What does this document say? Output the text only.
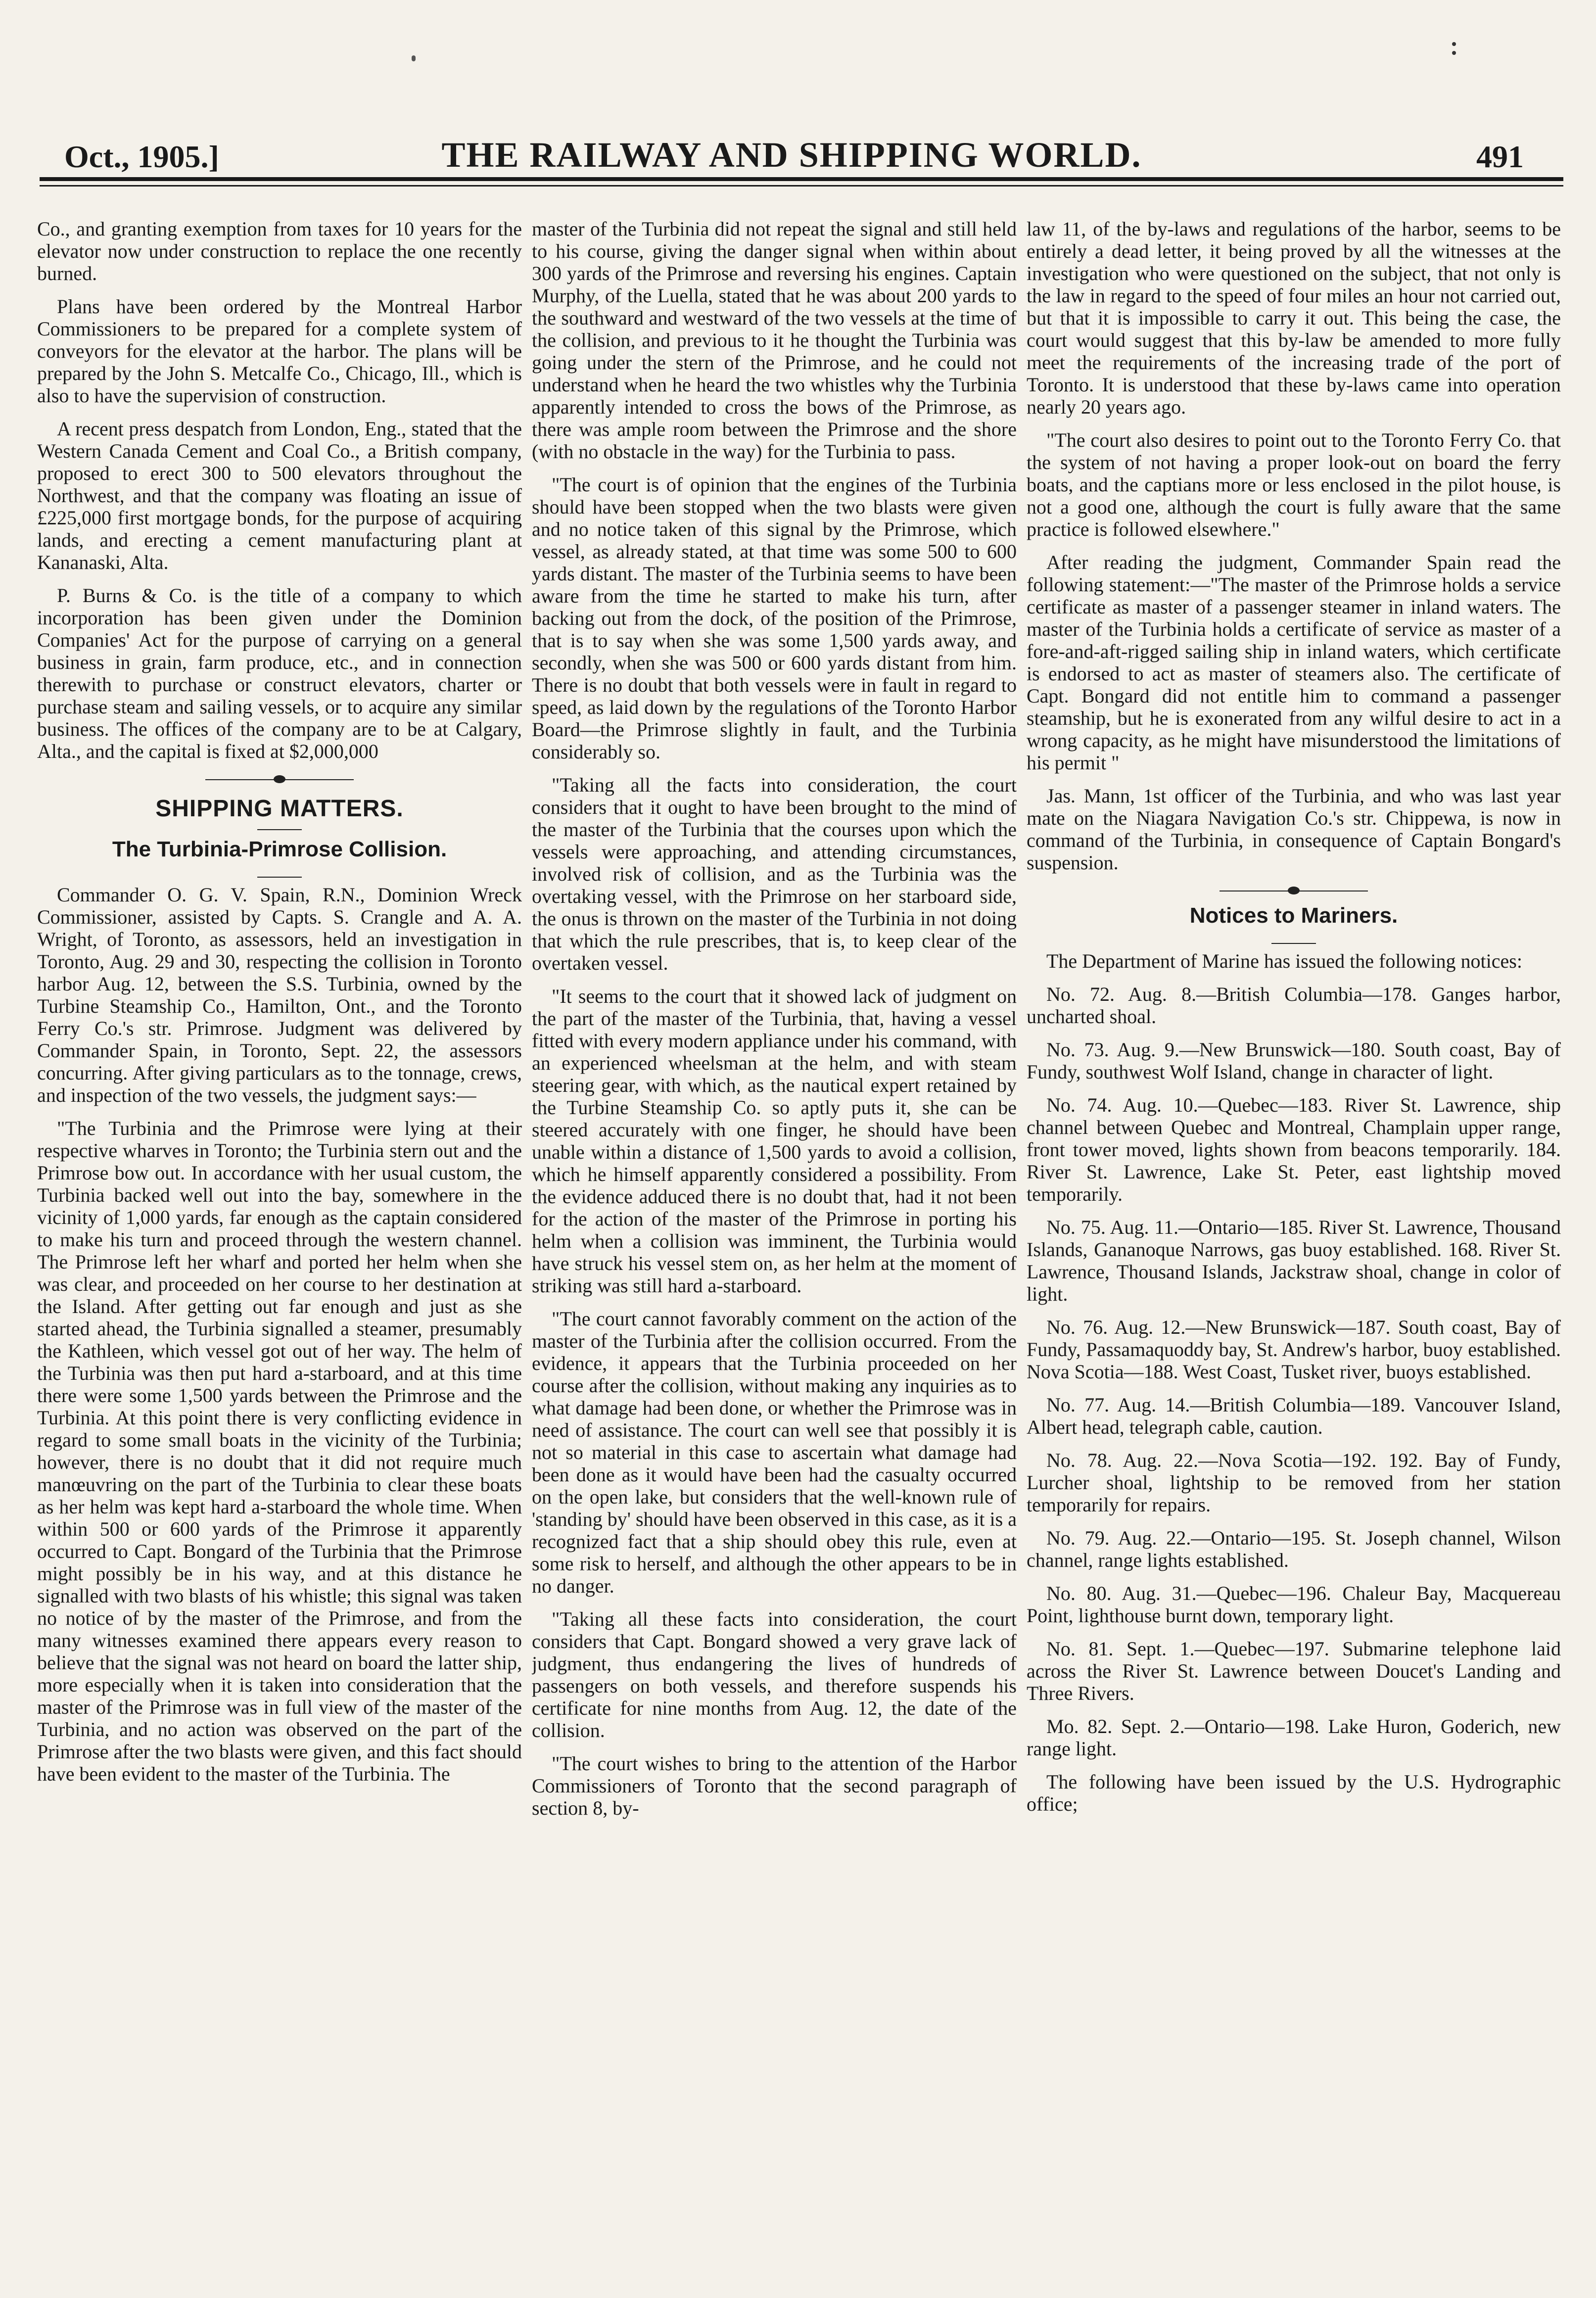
Oct., 1905.]	THE RAILWAY AND SHIPPING WORLD.	491

Co., and granting exemption from taxes for 10 years for the elevator now under construction to replace the one recently burned.

Plans have been ordered by the Montreal Harbor Commissioners to be prepared for a complete system of conveyors for the elevator at the harbor. The plans will be prepared by the John S. Metcalfe Co., Chicago, Ill., which is also to have the supervision of construction.

A recent press despatch from London, Eng., stated that the Western Canada Cement and Coal Co., a British company, proposed to erect 300 to 500 elevators throughout the Northwest, and that the company was floating an issue of £225,000 first mortgage bonds, for the purpose of acquiring lands, and erecting a cement manufacturing plant at Kananaski, Alta.

P. Burns & Co. is the title of a company to which incorporation has been given under the Dominion Companies' Act for the purpose of carrying on a general business in grain, farm produce, etc., and in connection therewith to purchase or construct elevators, charter or purchase steam and sailing vessels, or to acquire any similar business. The offices of the company are to be at Calgary, Alta., and the capital is fixed at $2,000,000

SHIPPING MATTERS.
The Turbinia-Primrose Collision.

Commander O. G. V. Spain, R.N., Dominion Wreck Commissioner, assisted by Capts. S. Crangle and A. A. Wright, of Toronto, as assessors, held an investigation in Toronto, Aug. 29 and 30, respecting the collision in Toronto harbor Aug. 12, between the S.S. Turbinia, owned by the Turbine Steamship Co., Hamilton, Ont., and the Toronto Ferry Co.'s str. Primrose. Judgment was delivered by Commander Spain, in Toronto, Sept. 22, the assessors concurring. After giving particulars as to the tonnage, crews, and inspection of the two vessels, the judgment says:—

"The Turbinia and the Primrose were lying at their respective wharves in Toronto; the Turbinia stern out and the Primrose bow out. In accordance with her usual custom, the Turbinia backed well out into the bay, somewhere in the vicinity of 1,000 yards, far enough as the captain considered to make his turn and proceed through the western channel. The Primrose left her wharf and ported her helm when she was clear, and proceeded on her course to her destination at the Island. After getting out far enough and just as she started ahead, the Turbinia signalled a steamer, presumably the Kathleen, which vessel got out of her way. The helm of the Turbinia was then put hard a-starboard, and at this time there were some 1,500 yards between the Primrose and the Turbinia. At this point there is very conflicting evidence in regard to some small boats in the vicinity of the Turbinia; however, there is no doubt that it did not require much manœuvring on the part of the Turbinia to clear these boats as her helm was kept hard a-starboard the whole time. When within 500 or 600 yards of the Primrose it apparently occurred to Capt. Bongard of the Turbinia that the Primrose might possibly be in his way, and at this distance he signalled with two blasts of his whistle; this signal was taken no notice of by the master of the Primrose, and from the many witnesses examined there appears every reason to believe that the signal was not heard on board the latter ship, more especially when it is taken into consideration that the master of the Primrose was in full view of the master of the Turbinia, and no action was observed on the part of the Primrose after the two blasts were given, and this fact should have been evident to the master of the Turbinia. The

master of the Turbinia did not repeat the signal and still held to his course, giving the danger signal when within about 300 yards of the Primrose and reversing his engines. Captain Murphy, of the Luella, stated that he was about 200 yards to the southward and westward of the two vessels at the time of the collision, and previous to it he thought the Turbinia was going under the stern of the Primrose, and he could not understand when he heard the two whistles why the Turbinia apparently intended to cross the bows of the Primrose, as there was ample room between the Primrose and the shore (with no obstacle in the way) for the Turbinia to pass.

"The court is of opinion that the engines of the Turbinia should have been stopped when the two blasts were given and no notice taken of this signal by the Primrose, which vessel, as already stated, at that time was some 500 to 600 yards distant. The master of the Turbinia seems to have been aware from the time he started to make his turn, after backing out from the dock, of the position of the Primrose, that is to say when she was some 1,500 yards away, and secondly, when she was 500 or 600 yards distant from him. There is no doubt that both vessels were in fault in regard to speed, as laid down by the regulations of the Toronto Harbor Board—the Primrose slightly in fault, and the Turbinia considerably so.

"Taking all the facts into consideration, the court considers that it ought to have been brought to the mind of the master of the Turbinia that the courses upon which the vessels were approaching, and attending circumstances, involved risk of collision, and as the Turbinia was the overtaking vessel, with the Primrose on her starboard side, the onus is thrown on the master of the Turbinia in not doing that which the rule prescribes, that is, to keep clear of the overtaken vessel.

"It seems to the court that it showed lack of judgment on the part of the master of the Turbinia, that, having a vessel fitted with every modern appliance under his command, with an experienced wheelsman at the helm, and with steam steering gear, with which, as the nautical expert retained by the Turbine Steamship Co. so aptly puts it, she can be steered accurately with one finger, he should have been unable within a distance of 1,500 yards to avoid a collision, which he himself apparently considered a possibility. From the evidence adduced there is no doubt that, had it not been for the action of the master of the Primrose in porting his helm when a collision was imminent, the Turbinia would have struck his vessel stem on, as her helm at the moment of striking was still hard a-starboard.

"The court cannot favorably comment on the action of the master of the Turbinia after the collision occurred. From the evidence, it appears that the Turbinia proceeded on her course after the collision, without making any inquiries as to what damage had been done, or whether the Primrose was in need of assistance. The court can well see that possibly it is not so material in this case to ascertain what damage had been done as it would have been had the casualty occurred on the open lake, but considers that the well-known rule of 'standing by' should have been observed in this case, as it is a recognized fact that a ship should obey this rule, even at some risk to herself, and although the other appears to be in no danger.

"Taking all these facts into consideration, the court considers that Capt. Bongard showed a very grave lack of judgment, thus endangering the lives of hundreds of passengers on both vessels, and therefore suspends his certificate for nine months from Aug. 12, the date of the collision.

"The court wishes to bring to the attention of the Harbor Commissioners of Toronto that the second paragraph of section 8, by-

law 11, of the by-laws and regulations of the harbor, seems to be entirely a dead letter, it being proved by all the witnesses at the investigation who were questioned on the subject, that not only is the law in regard to the speed of four miles an hour not carried out, but that it is impossible to carry it out. This being the case, the court would suggest that this by-law be amended to more fully meet the requirements of the increasing trade of the port of Toronto. It is understood that these by-laws came into operation nearly 20 years ago.

"The court also desires to point out to the Toronto Ferry Co. that the system of not having a proper look-out on board the ferry boats, and the captians more or less enclosed in the pilot house, is not a good one, although the court is fully aware that the same practice is followed elsewhere."

After reading the judgment, Commander Spain read the following statement:—"The master of the Primrose holds a service certificate as master of a passenger steamer in inland waters. The master of the Turbinia holds a certificate of service as master of a fore-and-aft-rigged sailing ship in inland waters, which certificate is endorsed to act as master of steamers also. The certificate of Capt. Bongard did not entitle him to command a passenger steamship, but he is exonerated from any wilful desire to act in a wrong capacity, as he might have misunderstood the limitations of his permit "

Jas. Mann, 1st officer of the Turbinia, and who was last year mate on the Niagara Navigation Co.'s str. Chippewa, is now in command of the Turbinia, in consequence of Captain Bongard's suspension.

Notices to Mariners.

The Department of Marine has issued the following notices:

No. 72. Aug. 8.—British Columbia—178. Ganges harbor, uncharted shoal.

No. 73. Aug. 9.—New Brunswick—180. South coast, Bay of Fundy, southwest Wolf Island, change in character of light.

No. 74. Aug. 10.—Quebec—183. River St. Lawrence, ship channel between Quebec and Montreal, Champlain upper range, front tower moved, lights shown from beacons temporarily. 184. River St. Lawrence, Lake St. Peter, east lightship moved temporarily.

No. 75. Aug. 11.—Ontario—185. River St. Lawrence, Thousand Islands, Gananoque Narrows, gas buoy established. 168. River St. Lawrence, Thousand Islands, Jackstraw shoal, change in color of light.

No. 76. Aug. 12.—New Brunswick—187. South coast, Bay of Fundy, Passamaquoddy bay, St. Andrew's harbor, buoy established. Nova Scotia—188. West Coast, Tusket river, buoys established.

No. 77. Aug. 14.—British Columbia—189. Vancouver Island, Albert head, telegraph cable, caution.

No. 78. Aug. 22.—Nova Scotia—192. 192. Bay of Fundy, Lurcher shoal, lightship to be removed from her station temporarily for repairs.

No. 79. Aug. 22.—Ontario—195. St. Joseph channel, Wilson channel, range lights established.

No. 80. Aug. 31.—Quebec—196. Chaleur Bay, Macquereau Point, lighthouse burnt down, temporary light.

No. 81. Sept. 1.—Quebec—197. Submarine telephone laid across the River St. Lawrence between Doucet's Landing and Three Rivers.

Mo. 82. Sept. 2.—Ontario—198. Lake Huron, Goderich, new range light.

The following have been issued by the U.S. Hydrographic office;
